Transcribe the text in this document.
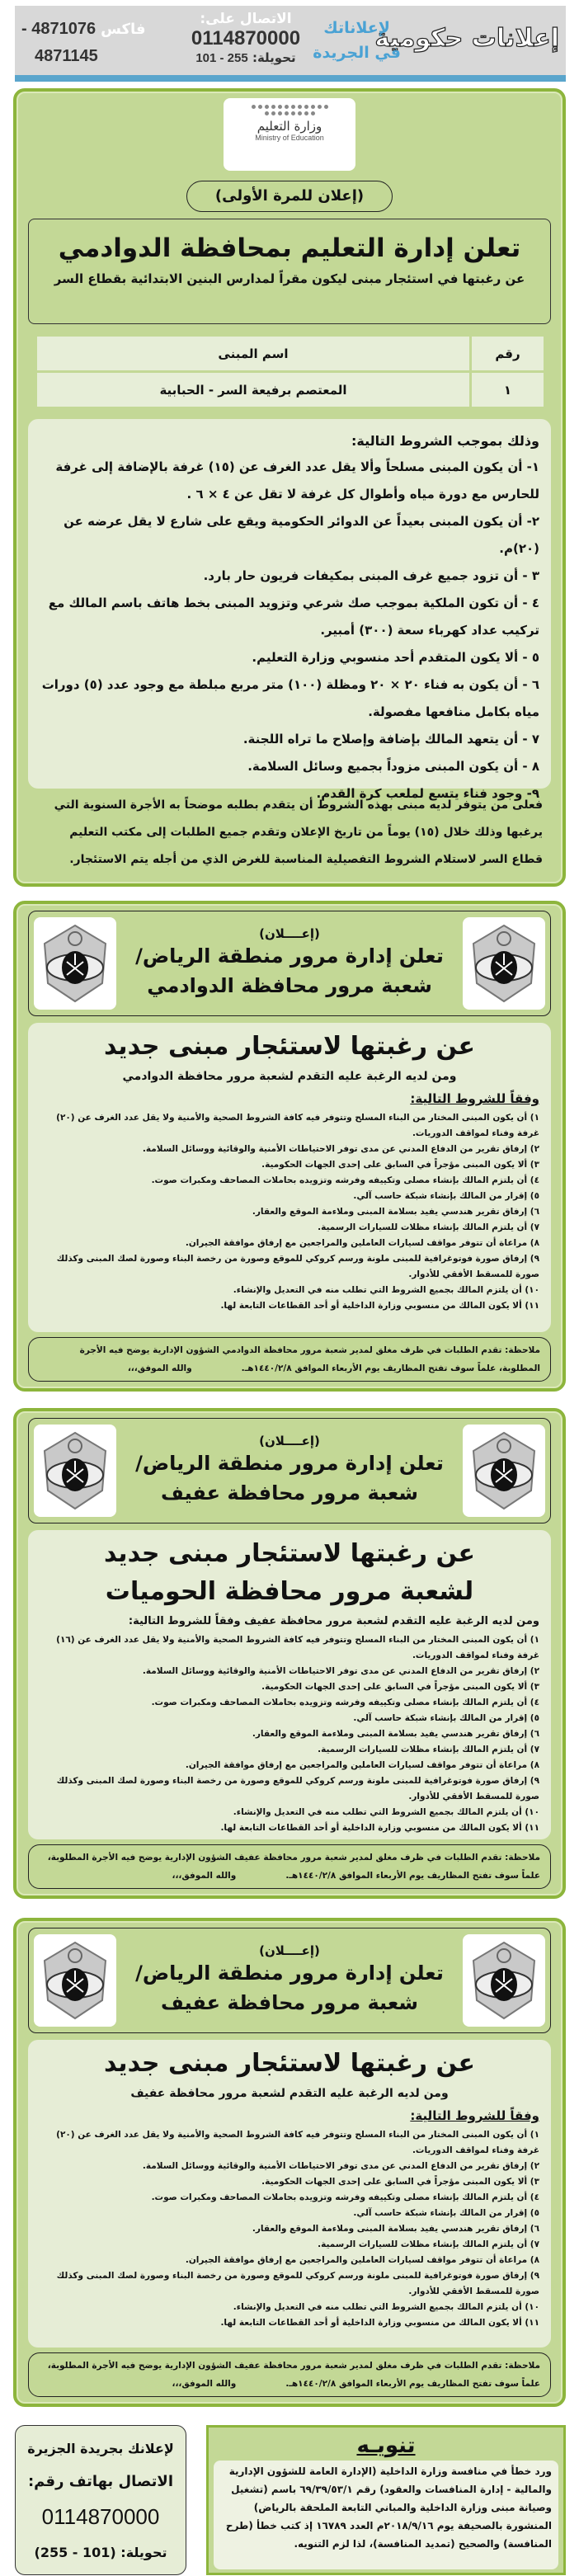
إعلانات حكومية
لإعلاناتك
في الجريدة
الاتصال على:
0114870000
تحويلة: 101 - 255
- 4871076 فاكس
4871145
وزارة التعليم
Ministry of Education
(إعلان للمرة الأولى)
تعلن إدارة التعليم بمحافظة الدوادمي
عن رغبتها في استئجار مبنى ليكون مقراً لمدارس البنين الابتدائية بقطاع السر
رقم	اسم المبنى
١	المعتصم برفيعة السر - الحبابية
وذلك بموجب الشروط التالية:

١- أن يكون المبنى مسلحاً وألا يقل عدد الغرف عن (١٥) غرفة بالإضافة إلى غرفة للحارس مع دورة مياه وأطوال كل غرفة لا تقل عن ٤ × ٦ .

٢- أن يكون المبنى بعيداً عن الدوائر الحكومية ويقع على شارع لا يقل عرضه عن (٢٠)م.

٣ - أن تزود جميع غرف المبنى بمكيفات فريون حار بارد.

٤ - أن تكون الملكية بموجب صك شرعي وتزويد المبنى بخط هاتف باسم المالك مع تركيب عداد كهرباء سعة (٣٠٠) أمبير.

٥ - ألا يكون المتقدم أحد منسوبي وزارة التعليم.

٦ - أن يكون به فناء ٢٠ × ٢٠ ومظلة (١٠٠) متر مربع مبلطة مع وجود عدد (٥) دورات مياه بكامل منافعها مفصولة.

٧ - أن يتعهد المالك بإضافة وإصلاح ما تراه اللجنة.

٨ - أن يكون المبنى مزوداً بجميع وسائل السلامة.

٩- وجود فناء يتسع لملعب كرة القدم.

فعلى من يتوفر لديه مبنى بهذه الشروط أن يتقدم بطلبه موضحاً به الأجرة السنوية التي يرغبها وذلك خلال (١٥) يوماً من تاريخ الإعلان وتقدم جميع الطلبات إلى مكتب التعليم قطاع السر لاستلام الشروط التفصيلية المناسبة للغرض الذي من أجله يتم الاستئجار.
(إعــــلان)
تعلن إدارة مرور منطقة الرياض/
شعبة مرور محافظة الدوادمي
عن رغبتها لاستئجار مبنى جديد
ومن لديه الرغبة عليه التقدم لشعبة مرور محافظة الدوادمي
وفقاً للشروط التالية:

١) أن يكون المبنى المختار من البناء المسلح وتتوفر فيه كافة الشروط الصحية والأمنية ولا يقل عدد الغرف عن (٢٠) غرفة وفناء لمواقف الدوريات.

٢) إرفاق تقرير من الدفاع المدني عن مدى توفر الاحتياطات الأمنية والوقائية ووسائل السلامة.

٣) ألا يكون المبنى مؤجراً في السابق على إحدى الجهات الحكومية.

٤) أن يلتزم المالك بإنشاء مصلى وتكييفه وفرشه وتزويده بحاملات المصاحف ومكبرات صوت.

٥) إقرار من المالك بإنشاء شبكة حاسب آلي.

٦) إرفاق تقرير هندسي يفيد بسلامة المبنى وملاءمة الموقع والعقار.

٧) أن يلتزم المالك بإنشاء مظلات للسيارات الرسمية.

٨) مراعاة أن تتوفر مواقف لسيارات العاملين والمراجعين مع إرفاق موافقة الجيران.

٩) إرفاق صورة فوتوغرافية للمبنى ملونة ورسم كروكي للموقع وصورة من رخصة البناء وصورة لصك المبنى وكذلك صورة للمسقط الأفقي للأدوار.

١٠) أن يلتزم المالك بجميع الشروط التي تطلب منه في التعديل والإنشاء.

١١) ألا يكون المالك من منسوبي وزارة الداخلية أو أحد القطاعات التابعة لها.

ملاحظة: تقدم الطلبات في ظرف مغلق لمدير شعبة مرور محافظة الدوادمي الشؤون الإدارية يوضح فيه الأجرة المطلوبة، علماً سوف تفتح المظاريف يوم الأربعاء الموافق ١٤٤٠/٢/٨هـ.والله الموفق،،،
(إعــــلان)
تعلن إدارة مرور منطقة الرياض/
شعبة مرور محافظة عفيف
عن رغبتها لاستئجار مبنى جديد
لشعبة مرور محافظة الحوميات
ومن لديه الرغبة عليه التقدم لشعبة مرور محافظة عفيف وفقاً للشروط التالية:

١) أن يكون المبنى المختار من البناء المسلح وتتوفر فيه كافة الشروط الصحية والأمنية ولا يقل عدد الغرف عن (١٦) غرفة وفناء لمواقف الدوريات.

٢) إرفاق تقرير من الدفاع المدني عن مدى توفر الاحتياطات الأمنية والوقائية ووسائل السلامة.

٣) ألا يكون المبنى مؤجراً في السابق على إحدى الجهات الحكومية.

٤) أن يلتزم المالك بإنشاء مصلى وتكييفه وفرشه وتزويده بحاملات المصاحف ومكبرات صوت.

٥) إقرار من المالك بإنشاء شبكة حاسب آلي.

٦) إرفاق تقرير هندسي يفيد بسلامة المبنى وملاءمة الموقع والعقار.

٧) أن يلتزم المالك بإنشاء مظلات للسيارات الرسمية.

٨) مراعاة أن تتوفر مواقف لسيارات العاملين والمراجعين مع إرفاق موافقة الجيران.

٩) إرفاق صورة فوتوغرافية للمبنى ملونة ورسم كروكي للموقع وصورة من رخصة البناء وصورة لصك المبنى وكذلك صورة للمسقط الأفقي للأدوار.

١٠) أن يلتزم المالك بجميع الشروط التي تطلب منه في التعديل والإنشاء.

١١) ألا يكون المالك من منسوبي وزارة الداخلية أو أحد القطاعات التابعة لها.

ملاحظة: تقدم الطلبات في ظرف مغلق لمدير شعبة مرور محافظة عفيف الشؤون الإدارية يوضح فيه الأجرة المطلوبة، علماً سوف تفتح المظاريف يوم الأربعاء الموافق ١٤٤٠/٢/٨هـ.والله الموفق،،،
(إعــــلان)
تعلن إدارة مرور منطقة الرياض/
شعبة مرور محافظة عفيف
عن رغبتها لاستئجار مبنى جديد
ومن لديه الرغبة عليه التقدم لشعبة مرور محافظة عفيف
وفقاً للشروط التالية:

١) أن يكون المبنى المختار من البناء المسلح وتتوفر فيه كافة الشروط الصحية والأمنية ولا يقل عدد الغرف عن (٢٠) غرفة وفناء لمواقف الدوريات.

٢) إرفاق تقرير من الدفاع المدني عن مدى توفر الاحتياطات الأمنية والوقائية ووسائل السلامة.

٣) ألا يكون المبنى مؤجراً في السابق على إحدى الجهات الحكومية.

٤) أن يلتزم المالك بإنشاء مصلى وتكييفه وفرشه وتزويده بحاملات المصاحف ومكبرات صوت.

٥) إقرار من المالك بإنشاء شبكة حاسب آلي.

٦) إرفاق تقرير هندسي يفيد بسلامة المبنى وملاءمة الموقع والعقار.

٧) أن يلتزم المالك بإنشاء مظلات للسيارات الرسمية.

٨) مراعاة أن تتوفر مواقف لسيارات العاملين والمراجعين مع إرفاق موافقة الجيران.

٩) إرفاق صورة فوتوغرافية للمبنى ملونة ورسم كروكي للموقع وصورة من رخصة البناء وصورة لصك المبنى وكذلك صورة للمسقط الأفقي للأدوار.

١٠) أن يلتزم المالك بجميع الشروط التي تطلب منه في التعديل والإنشاء.

١١) ألا يكون المالك من منسوبي وزارة الداخلية أو أحد القطاعات التابعة لها.

ملاحظة: تقدم الطلبات في ظرف مغلق لمدير شعبة مرور محافظة عفيف الشؤون الإدارية يوضح فيه الأجرة المطلوبة، علماً سوف تفتح المظاريف يوم الأربعاء الموافق ١٤٤٠/٢/٨هـ.والله الموفق،،،
لإعلانك بجريدة الجزيرة
الاتصال بهاتف رقم:
0114870000
تحويلة: (101 - 255)
تنويـه
ورد خطأ في منافسة وزارة الداخلية (الإدارة العامة للشؤون الإدارية والمالية - إدارة المنافسات والعقود) رقم ٦٩/٣٩/٥٣/١ باسم (تشغيل وصيانة مبنى وزارة الداخلية والمباني التابعة الملحقة بالرياض) المنشورة بالصحيفة يوم ٢٠١٨/٩/١٦م العدد ١٦٧٨٩ إذ كتب خطأ (طرح المنافسة) والصحيح (تمديد المنافسة)، لذا لزم التنويه.
